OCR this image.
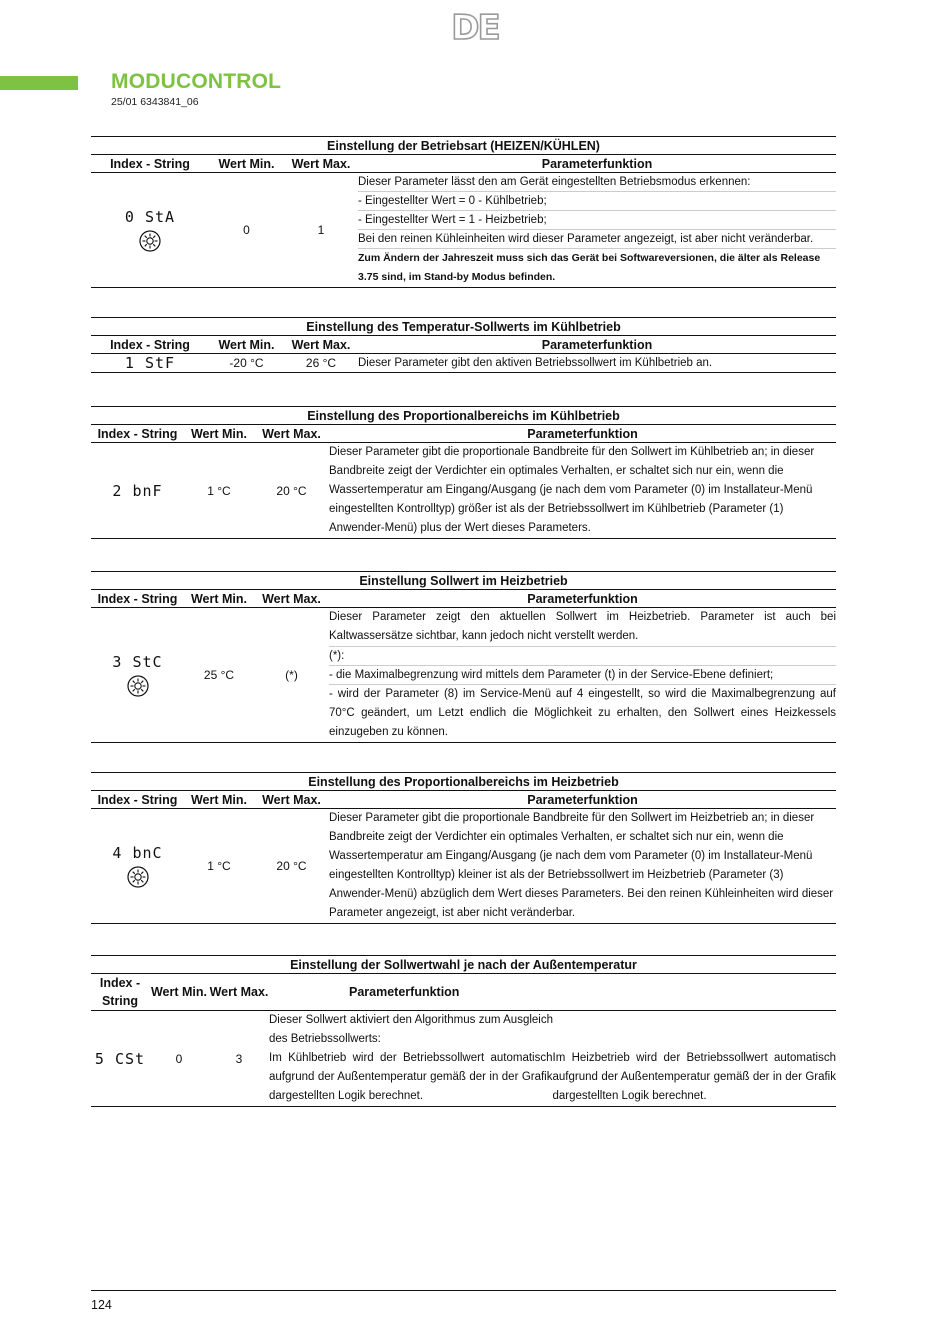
DE
MODUCONTROL
25/01 6343841_06
Einstellung der Betriebsart (HEIZEN/KÜHLEN)			
Index - String	Wert Min.	Wert Max.	Parameterfunktion

0 StA	0	1	Dieser Parameter lässt den am Gerät eingestellten Betriebsmodus erkennen:
- Eingestellter Wert = 0 - Kühlbetrieb;
- Eingestellter Wert = 1 - Heizbetrieb;
Bei den reinen Kühleinheiten wird dieser Parameter angezeigt, ist aber nicht veränderbar.
Zum Ändern der Jahreszeit muss sich das Gerät bei Softwareversionen, die älter als Release 3.75 sind, im Stand-by Modus befinden.
Einstellung des Temperatur-Sollwerts im Kühlbetrieb			
Index - String	Wert Min.	Wert Max.	Parameterfunktion

1 StF	-20 °C	26 °C	Dieser Parameter gibt den aktiven Betriebssollwert im Kühlbetrieb an.
Einstellung des Proportionalbereichs im Kühlbetrieb			
Index - String	Wert Min.	Wert Max.	Parameterfunktion

2 bnF	1 °C	20 °C	Dieser Parameter gibt die proportionale Bandbreite für den Sollwert im Kühlbetrieb an; in dieser Bandbreite zeigt der Verdichter ein optimales Verhalten, er schaltet sich nur ein, wenn die Wassertemperatur am Eingang/Ausgang (je nach dem vom Parameter (0) im Installateur-Menü eingestellten Kontrolltyp) größer ist als der Betriebssollwert im Kühlbetrieb (Parameter (1) Anwender-Menü) plus der Wert dieses Parameters.
Einstellung Sollwert im Heizbetrieb			
Index - String	Wert Min.	Wert Max.	Parameterfunktion

3 StC	25 °C	(*)	Dieser Parameter zeigt den aktuellen Sollwert im Heizbetrieb. Parameter ist auch bei Kaltwassersätze sichtbar, kann jedoch nicht verstellt werden.
(*):
- die Maximalbegrenzung wird mittels dem Parameter (t) in der Service-Ebene definiert;
- wird der Parameter (8) im Service-Menü auf 4 eingestellt, so wird die Maximalbegrenzung auf 70°C geändert, um Letzt endlich die Möglichkeit zu erhalten, den Sollwert eines Heizkessels einzugeben zu können.
Einstellung des Proportionalbereichs im Heizbetrieb			
Index - String	Wert Min.	Wert Max.	Parameterfunktion

4 bnC	1 °C	20 °C	Dieser Parameter gibt die proportionale Bandbreite für den Sollwert im Heizbetrieb an; in dieser Bandbreite zeigt der Verdichter ein optimales Verhalten, er schaltet sich nur ein, wenn die Wassertemperatur am Eingang/Ausgang (je nach dem vom Parameter (0) im Installateur-Menü eingestellten Kontrolltyp) kleiner ist als der Betriebssollwert im Heizbetrieb (Parameter (3) Anwender-Menü) abzüglich dem Wert dieses Parameters. Bei den reinen Kühleinheiten wird dieser Parameter angezeigt, ist aber nicht veränderbar.
Einstellung der Sollwertwahl je nach der Außentemperatur			
Index - String	Wert Min.	Wert Max.	Parameterfunktion

5 CSt	0	3	Dieser Sollwert aktiviert den Algorithmus zum Ausgleich des Betriebssollwerts:
Im Kühlbetrieb wird der Betriebssollwert automatisch aufgrund der Außentemperatur gemäß der in der Grafik dargestellten Logik berechnet.
Im Heizbetrieb wird der Betriebssollwert automatisch aufgrund der Außentemperatur gemäß der in der Grafik dargestellten Logik berechnet.
124
